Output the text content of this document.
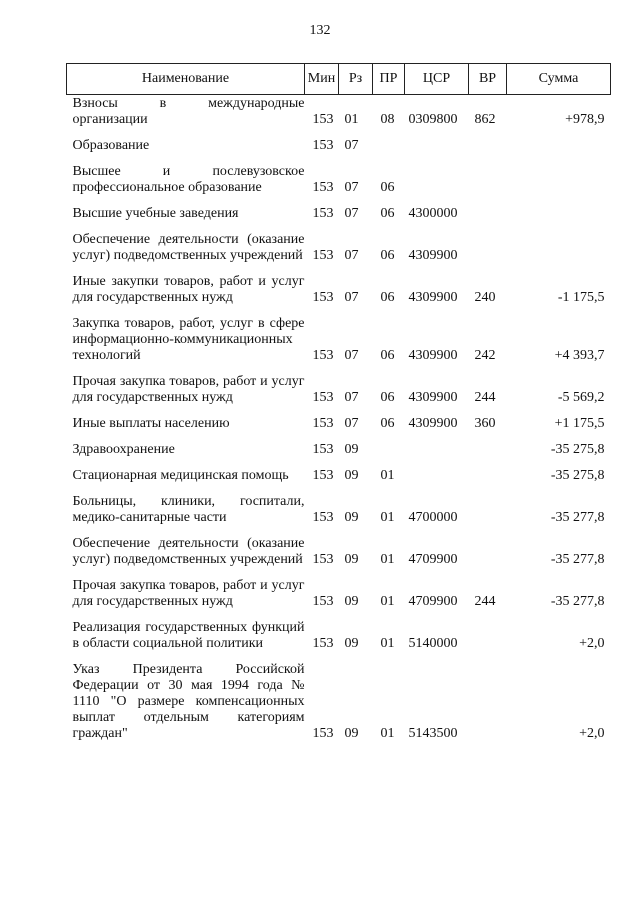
132
Наименование	Мин	Рз	ПР	ЦСР	ВР	Сумма
Взносы в международные организации	153	01	08	0309800	862	+978,9
Образование	153	07				
Высшее и послевузовское профессиональное образование	153	07	06			
Высшие учебные заведения	153	07	06	4300000		
Обеспечение деятельности (оказание услуг) подведомственных учреждений	153	07	06	4309900		
Иные закупки товаров, работ и услуг для государственных нужд	153	07	06	4309900	240	-1 175,5
Закупка товаров, работ, услуг в сфере информационно-коммуникационных технологий	153	07	06	4309900	242	+4 393,7
Прочая закупка товаров, работ и услуг для государственных нужд	153	07	06	4309900	244	-5 569,2
Иные выплаты населению	153	07	06	4309900	360	+1 175,5
Здравоохранение	153	09				-35 275,8
Стационарная медицинская помощь	153	09	01			-35 275,8
Больницы, клиники, госпитали, медико-санитарные части	153	09	01	4700000		-35 277,8
Обеспечение деятельности (оказание услуг) подведомственных учреждений	153	09	01	4709900		-35 277,8
Прочая закупка товаров, работ и услуг для государственных нужд	153	09	01	4709900	244	-35 277,8
Реализация государственных функций в области социальной политики	153	09	01	5140000		+2,0
Указ Президента Российской Федерации от 30 мая 1994 года № 1110 "О размере компенсационных выплат отдельным категориям граждан"	153	09	01	5143500		+2,0
